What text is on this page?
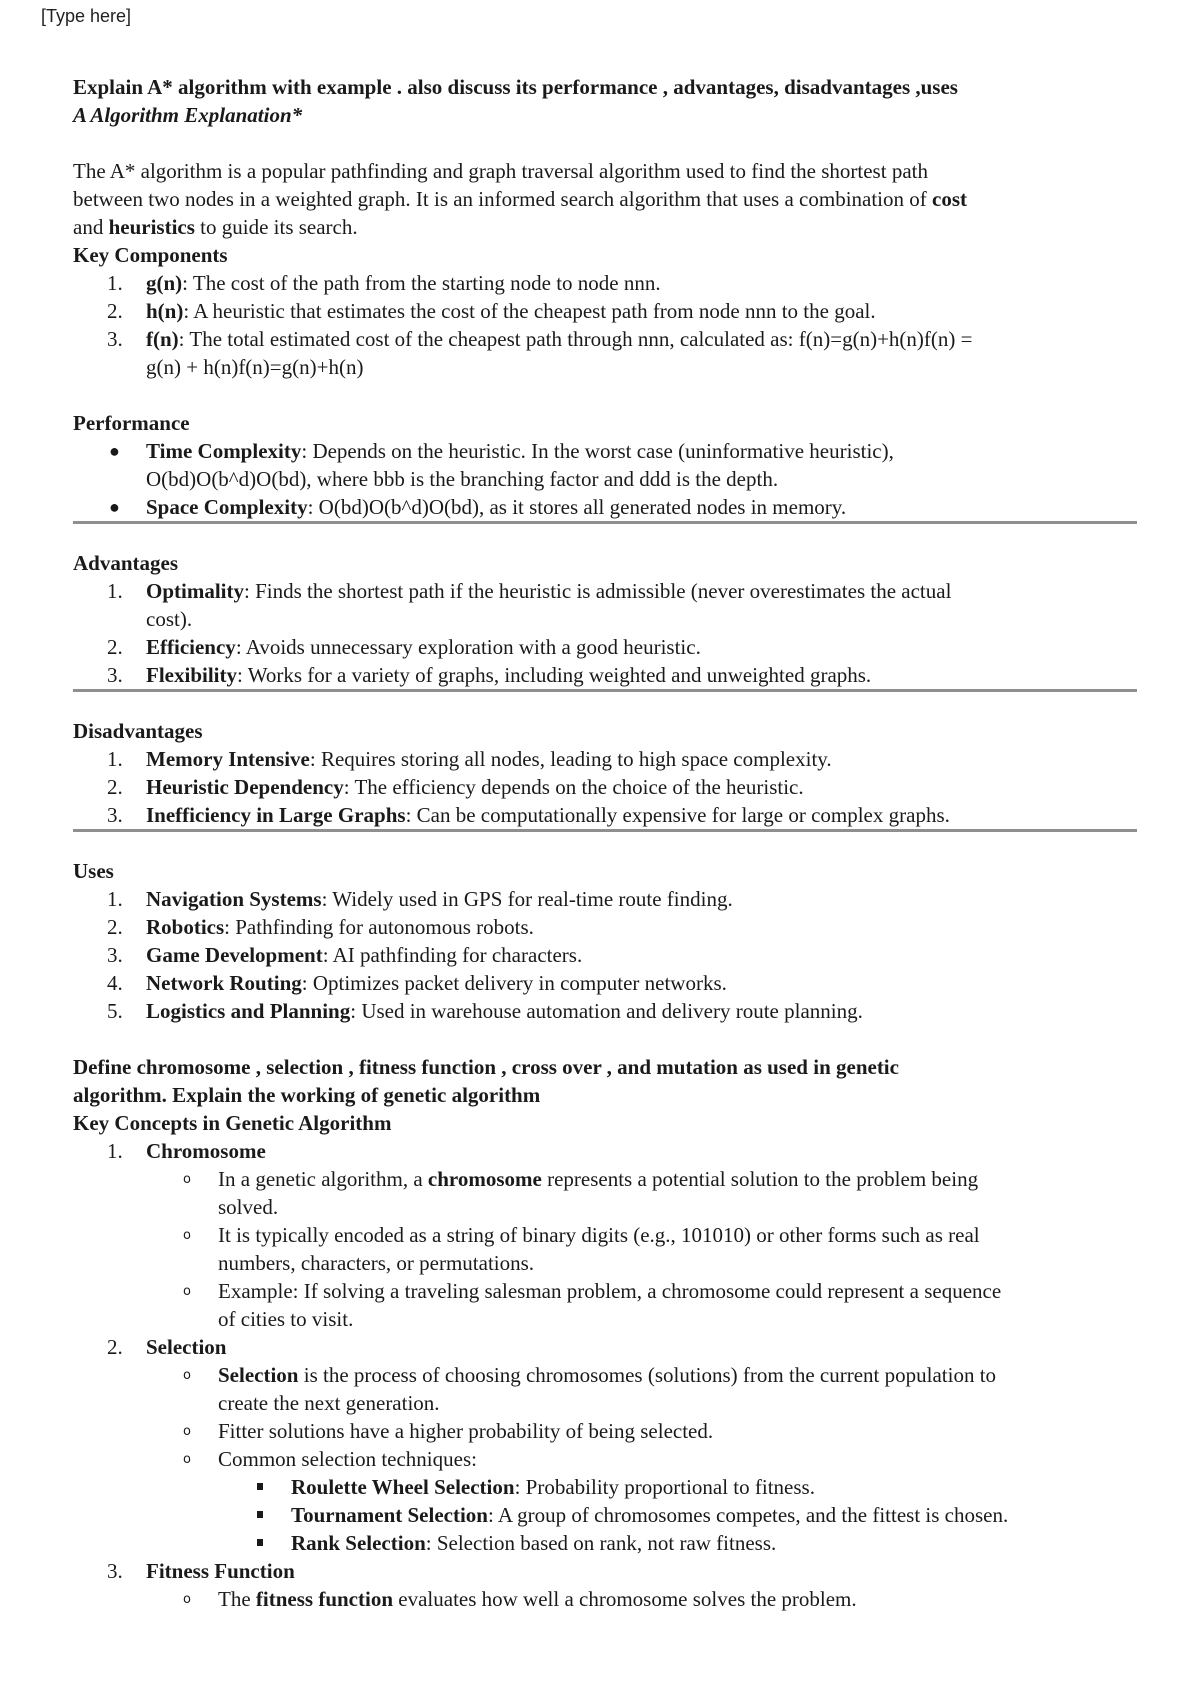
[Type here]
Explain A* algorithm with example . also discuss its performance , advantages, disadvantages ,uses
A Algorithm Explanation*
The A* algorithm is a popular pathfinding and graph traversal algorithm used to find the shortest path
between two nodes in a weighted graph. It is an informed search algorithm that uses a combination of cost
and heuristics to guide its search.
Key Components
1.	g(n): The cost of the path from the starting node to node nnn.
2.	h(n): A heuristic that estimates the cost of the cheapest path from node nnn to the goal.
3.	f(n): The total estimated cost of the cheapest path through nnn, calculated as: f(n)=g(n)+h(n)f(n) =
g(n) + h(n)f(n)=g(n)+h(n)
Performance
● Time Complexity: Depends on the heuristic. In the worst case (uninformative heuristic),
O(bd)O(b^d)O(bd), where bbb is the branching factor and ddd is the depth.
● Space Complexity: O(bd)O(b^d)O(bd), as it stores all generated nodes in memory.
Advantages
1.	Optimality: Finds the shortest path if the heuristic is admissible (never overestimates the actual
cost).
2.	Efficiency: Avoids unnecessary exploration with a good heuristic.
3.	Flexibility: Works for a variety of graphs, including weighted and unweighted graphs.
Disadvantages
1.	Memory Intensive: Requires storing all nodes, leading to high space complexity.
2.	Heuristic Dependency: The efficiency depends on the choice of the heuristic.
3.	Inefficiency in Large Graphs: Can be computationally expensive for large or complex graphs.
Uses
1.	Navigation Systems: Widely used in GPS for real-time route finding.
2.	Robotics: Pathfinding for autonomous robots.
3.	Game Development: AI pathfinding for characters.
4.	Network Routing: Optimizes packet delivery in computer networks.
5.	Logistics and Planning: Used in warehouse automation and delivery route planning.
Define chromosome , selection , fitness function , cross over , and mutation as used in genetic
algorithm. Explain the working of genetic algorithm
Key Concepts in Genetic Algorithm
1.	Chromosome
o In a genetic algorithm, a chromosome represents a potential solution to the problem being
solved.
o It is typically encoded as a string of binary digits (e.g., 101010) or other forms such as real
numbers, characters, or permutations.
o Example: If solving a traveling salesman problem, a chromosome could represent a sequence
of cities to visit.
2.	Selection
o Selection is the process of choosing chromosomes (solutions) from the current population to
create the next generation.
o Fitter solutions have a higher probability of being selected.
o Common selection techniques:
Roulette Wheel Selection: Probability proportional to fitness.
Tournament Selection: A group of chromosomes competes, and the fittest is chosen.
Rank Selection: Selection based on rank, not raw fitness.
3.	Fitness Function
o The fitness function evaluates how well a chromosome solves the problem.
